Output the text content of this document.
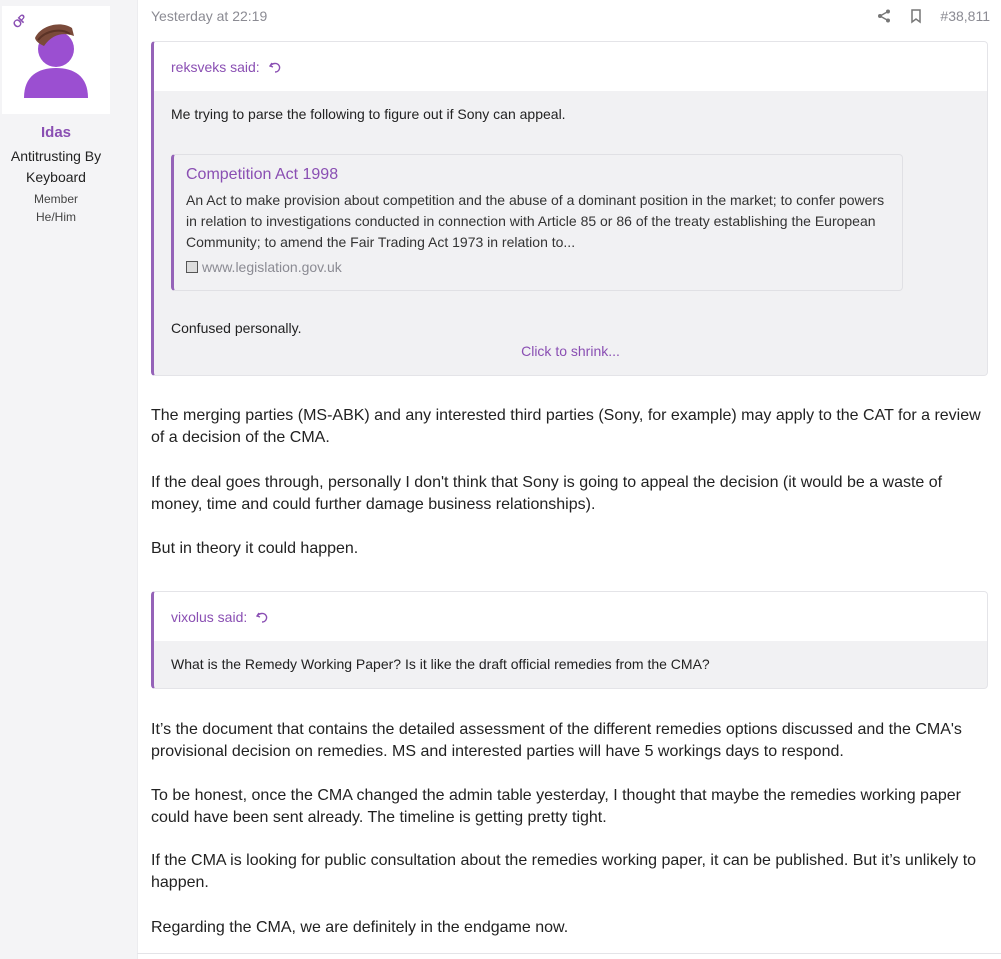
OP
Idas
Antitrusting By Keyboard
Member
He/Him
Yesterday at 22:19	#38,811
reksveks said:
Me trying to parse the following to figure out if Sony can appeal.
Competition Act 1998
An Act to make provision about competition and the abuse of a dominant position in the market; to confer powers in relation to investigations conducted in connection with Article 85 or 86 of the treaty establishing the European Community; to amend the Fair Trading Act 1973 in relation to...
www.legislation.gov.uk
Confused personally.
Click to shrink...
The merging parties (MS-ABK) and any interested third parties (Sony, for example) may apply to the CAT for a review of a decision of the CMA.
If the deal goes through, personally I don't think that Sony is going to appeal the decision (it would be a waste of money, time and could further damage business relationships).
But in theory it could happen.
vixolus said:
What is the Remedy Working Paper? Is it like the draft official remedies from the CMA?
It’s the document that contains the detailed assessment of the different remedies options discussed and the CMA's provisional decision on remedies. MS and interested parties will have 5 workings days to respond.
To be honest, once the CMA changed the admin table yesterday, I thought that maybe the remedies working paper could have been sent already. The timeline is getting pretty tight.
If the CMA is looking for public consultation about the remedies working paper, it can be published. But it’s unlikely to happen.
Regarding the CMA, we are definitely in the endgame now.
